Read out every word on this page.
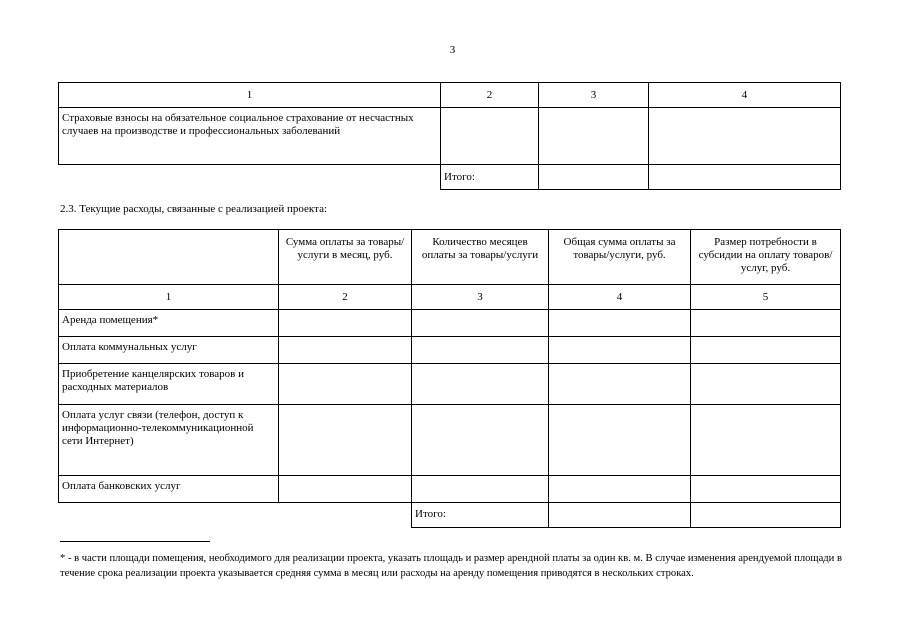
3
1	2	3	4
Страховые взносы на обязательное социальное страхование от несчастных случаев на производстве и профессиональных заболеваний			
	Итого:		
2.3. Текущие расходы, связанные с реализацией проекта:
	Сумма оплаты за товары/услуги в месяц, руб.	Количество месяцев оплаты за товары/услуги	Общая сумма оплаты за товары/услуги, руб.	Размер потребности в субсидии на оплату товаров/услуг, руб.
1	2	3	4	5
Аренда помещения*				
Оплата коммунальных услуг				
Приобретение канцелярских товаров и расходных материалов				
Оплата услуг связи (телефон, доступ к информационно-телекоммуникационной сети Интернет)				
Оплата банковских услуг				
		Итого:		
* - в части площади помещения, необходимого для реализации проекта, указать площадь и размер арендной платы за один кв. м. В случае изменения арендуемой площади в течение срока реализации проекта указывается средняя сумма в месяц или расходы на аренду помещения приводятся в нескольких строках.
